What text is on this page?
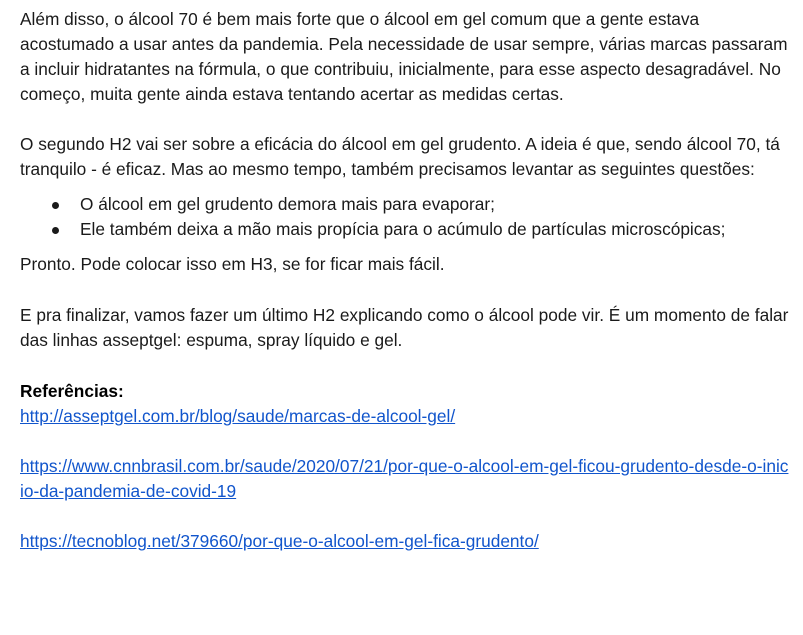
Além disso, o álcool 70 é bem mais forte que o álcool em gel comum que a gente estava acostumado a usar antes da pandemia. Pela necessidade de usar sempre, várias marcas passaram a incluir hidratantes na fórmula, o que contribuiu, inicialmente, para esse aspecto desagradável. No começo, muita gente ainda estava tentando acertar as medidas certas.

O segundo H2 vai ser sobre a eficácia do álcool em gel grudento. A ideia é que, sendo álcool 70, tá tranquilo - é eficaz. Mas ao mesmo tempo, também precisamos levantar as seguintes questões:

O álcool em gel grudento demora mais para evaporar;
Ele também deixa a mão mais propícia para o acúmulo de partículas microscópicas;

Pronto. Pode colocar isso em H3, se for ficar mais fácil.

E pra finalizar, vamos fazer um último H2 explicando como o álcool pode vir. É um momento de falar das linhas asseptgel: espuma, spray líquido e gel.

Referências:
http://asseptgel.com.br/blog/saude/marcas-de-alcool-gel/
https://www.cnnbrasil.com.br/saude/2020/07/21/por-que-o-alcool-em-gel-ficou-grudento-desde-o-inicio-da-pandemia-de-covid-19
https://tecnoblog.net/379660/por-que-o-alcool-em-gel-fica-grudento/
